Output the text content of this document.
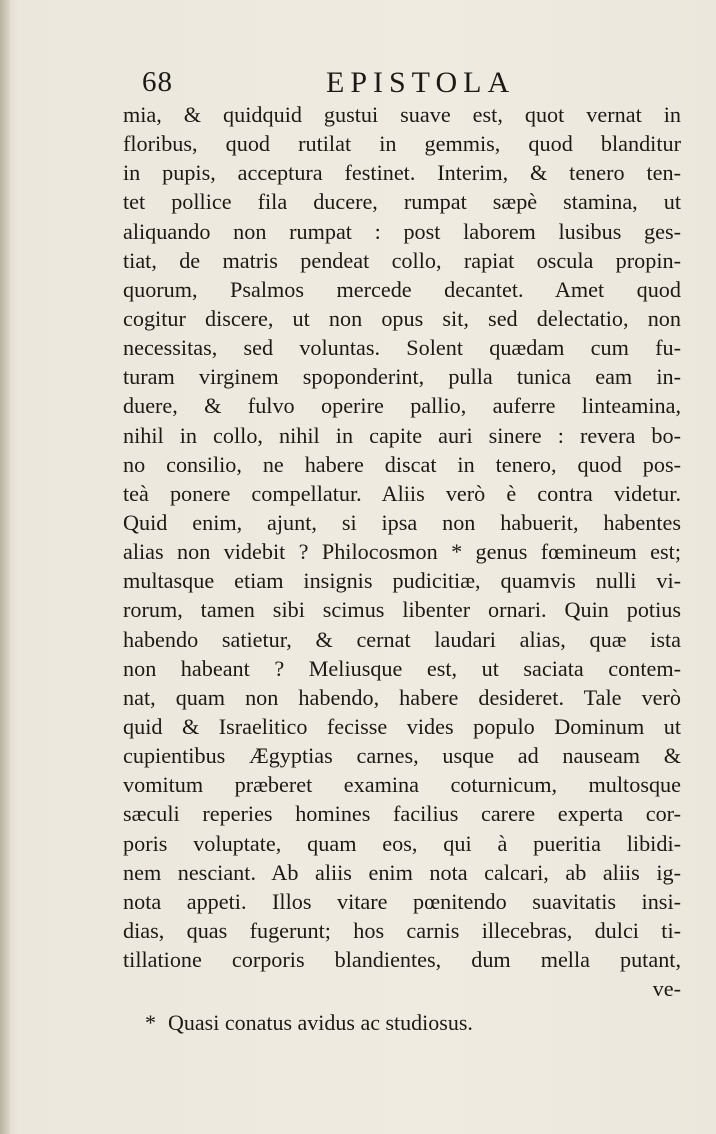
68	EPISTOLA
mia, & quidquid gustui suave est, quot vernat in
floribus, quod rutilat in gemmis, quod blanditur
in pupis, acceptura festinet. Interim, & tenero ten-
tet pollice fila ducere, rumpat sæpè stamina, ut
aliquando non rumpat : post laborem lusibus ges-
tiat, de matris pendeat collo, rapiat oscula propin-
quorum, Psalmos mercede decantet. Amet quod
cogitur discere, ut non opus sit, sed delectatio, non
necessitas, sed voluntas. Solent quædam cum fu-
turam virginem spoponderint, pulla tunica eam in-
duere, & fulvo operire pallio, auferre linteamina,
nihil in collo, nihil in capite auri sinere : revera bo-
no consilio, ne habere discat in tenero, quod pos-
teà ponere compellatur. Aliis verò è contra videtur.
Quid enim, ajunt, si ipsa non habuerit, habentes
alias non videbit ? Philocosmon * genus fœmineum est;
multasque etiam insignis pudicitiæ, quamvis nulli vi-
rorum, tamen sibi scimus libenter ornari. Quin potius
habendo satietur, & cernat laudari alias, quæ ista
non habeant ? Meliusque est, ut saciata contem-
nat, quam non habendo, habere desideret. Tale verò
quid & Israelitico fecisse vides populo Dominum ut
cupientibus Ægyptias carnes, usque ad nauseam &
vomitum præberet examina coturnicum, multosque
sæculi reperies homines facilius carere experta cor-
poris voluptate, quam eos, qui à pueritia libidi-
nem nesciant. Ab aliis enim nota calcari, ab aliis ig-
nota appeti. Illos vitare pœnitendo suavitatis insi-
dias, quas fugerunt; hos carnis illecebras, dulci ti-
tillatione corporis blandientes, dum mella putant,
ve-
* Quasi conatus avidus ac studiosus.
